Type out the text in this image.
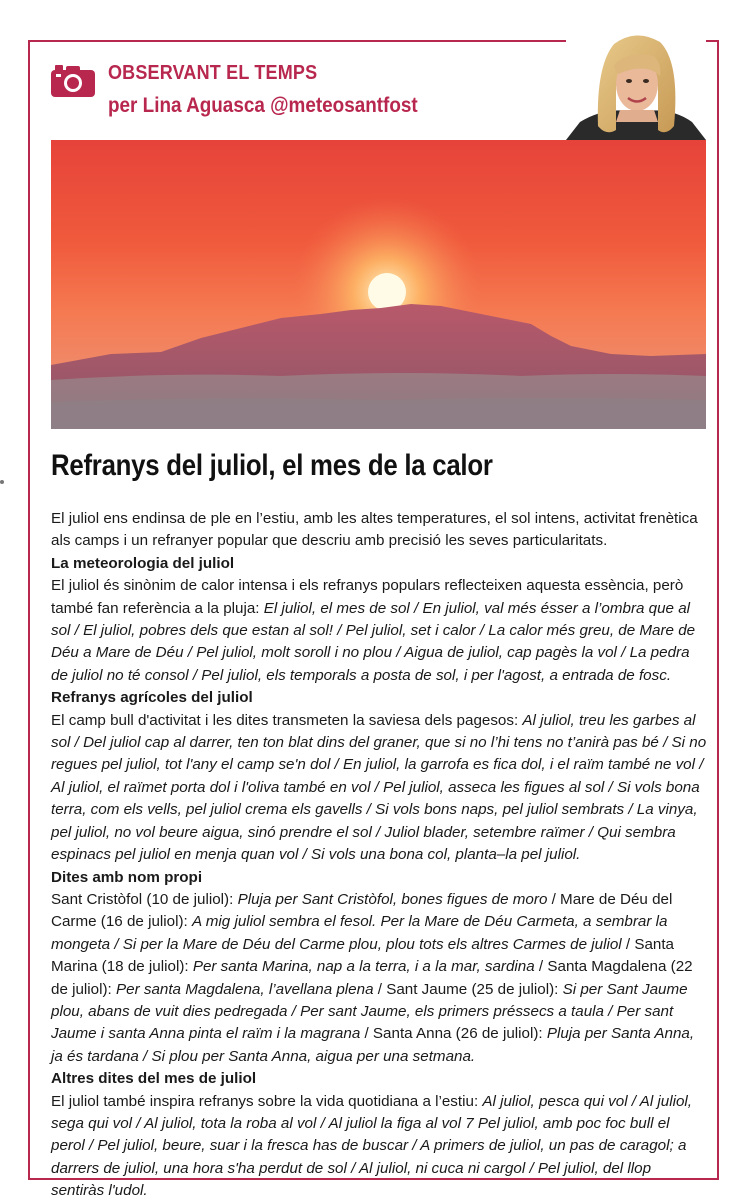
OBSERVANT EL TEMPS
per Lina Aguasca @meteosantfost
Refranys del juliol, el mes de la calor

El juliol ens endinsa de ple en l’estiu, amb les altes temperatures, el sol intens, activitat frenètica als camps i un refranyer popular que descriu amb precisió les seves particularitats.

La meteorologia del juliol

El juliol és sinònim de calor intensa i els refranys populars reflecteixen aquesta essència, però també fan referència a la pluja: El juliol, el mes de sol / En juliol, val més ésser a l’ombra que al sol / El juliol, pobres dels que estan al sol! / Pel juliol, set i calor / La calor més greu, de Mare de Déu a Mare de Déu / Pel juliol, molt soroll i no plou / Aigua de juliol, cap pagès la vol / La pedra de juliol no té consol / Pel juliol, els temporals a posta de sol, i per l'agost, a entrada de fosc.

Refranys agrícoles del juliol

El camp bull d'activitat i les dites transmeten la saviesa dels pagesos: Al juliol, treu les garbes al sol / Del juliol cap al darrer, ten ton blat dins del graner, que si no l’hi tens no t’anirà pas bé / Si no regues pel juliol, tot l'any el camp se'n dol / En juliol, la garrofa es fica dol, i el raïm també ne vol / Al juliol, el raïmet porta dol i l'oliva també en vol / Pel juliol, asseca les figues al sol / Si vols bona terra, com els vells, pel juliol crema els gavells / Si vols bons naps, pel juliol sembrats / La vinya, pel juliol, no vol beure aigua, sinó prendre el sol / Juliol blader, setembre raïmer / Qui sembra espinacs pel juliol en menja quan vol / Si vols una bona col, planta–la pel juliol.

Dites amb nom propi

Sant Cristòfol (10 de juliol): Pluja per Sant Cristòfol, bones figues de moro / Mare de Déu del Carme (16 de juliol): A mig juliol sembra el fesol. Per la Mare de Déu Carmeta, a sembrar la mongeta / Si per la Mare de Déu del Carme plou, plou tots els altres Carmes de juliol / Santa Marina (18 de juliol): Per santa Marina, nap a la terra, i a la mar, sardina / Santa Magdalena (22 de juliol): Per santa Magdalena, l’avellana plena / Sant Jaume (25 de juliol): Si per Sant Jaume plou, abans de vuit dies pedregada / Per sant Jaume, els primers préssecs a taula / Per sant Jaume i santa Anna pinta el raïm i la magrana / Santa Anna (26 de juliol): Pluja per Santa Anna, ja és tardana / Si plou per Santa Anna, aigua per una setmana.

Altres dites del mes de juliol

El juliol també inspira refranys sobre la vida quotidiana a l’estiu: Al juliol, pesca qui vol / Al juliol, sega qui vol / Al juliol, tota la roba al vol / Al juliol la figa al vol 7 Pel juliol, amb poc foc bull el perol / Pel juliol, beure, suar i la fresca has de buscar / A primers de juliol, un pas de caragol; a darrers de juliol, una hora s'ha perdut de sol / Al juliol, ni cuca ni cargol / Pel juliol, del llop sentiràs l'udol.
